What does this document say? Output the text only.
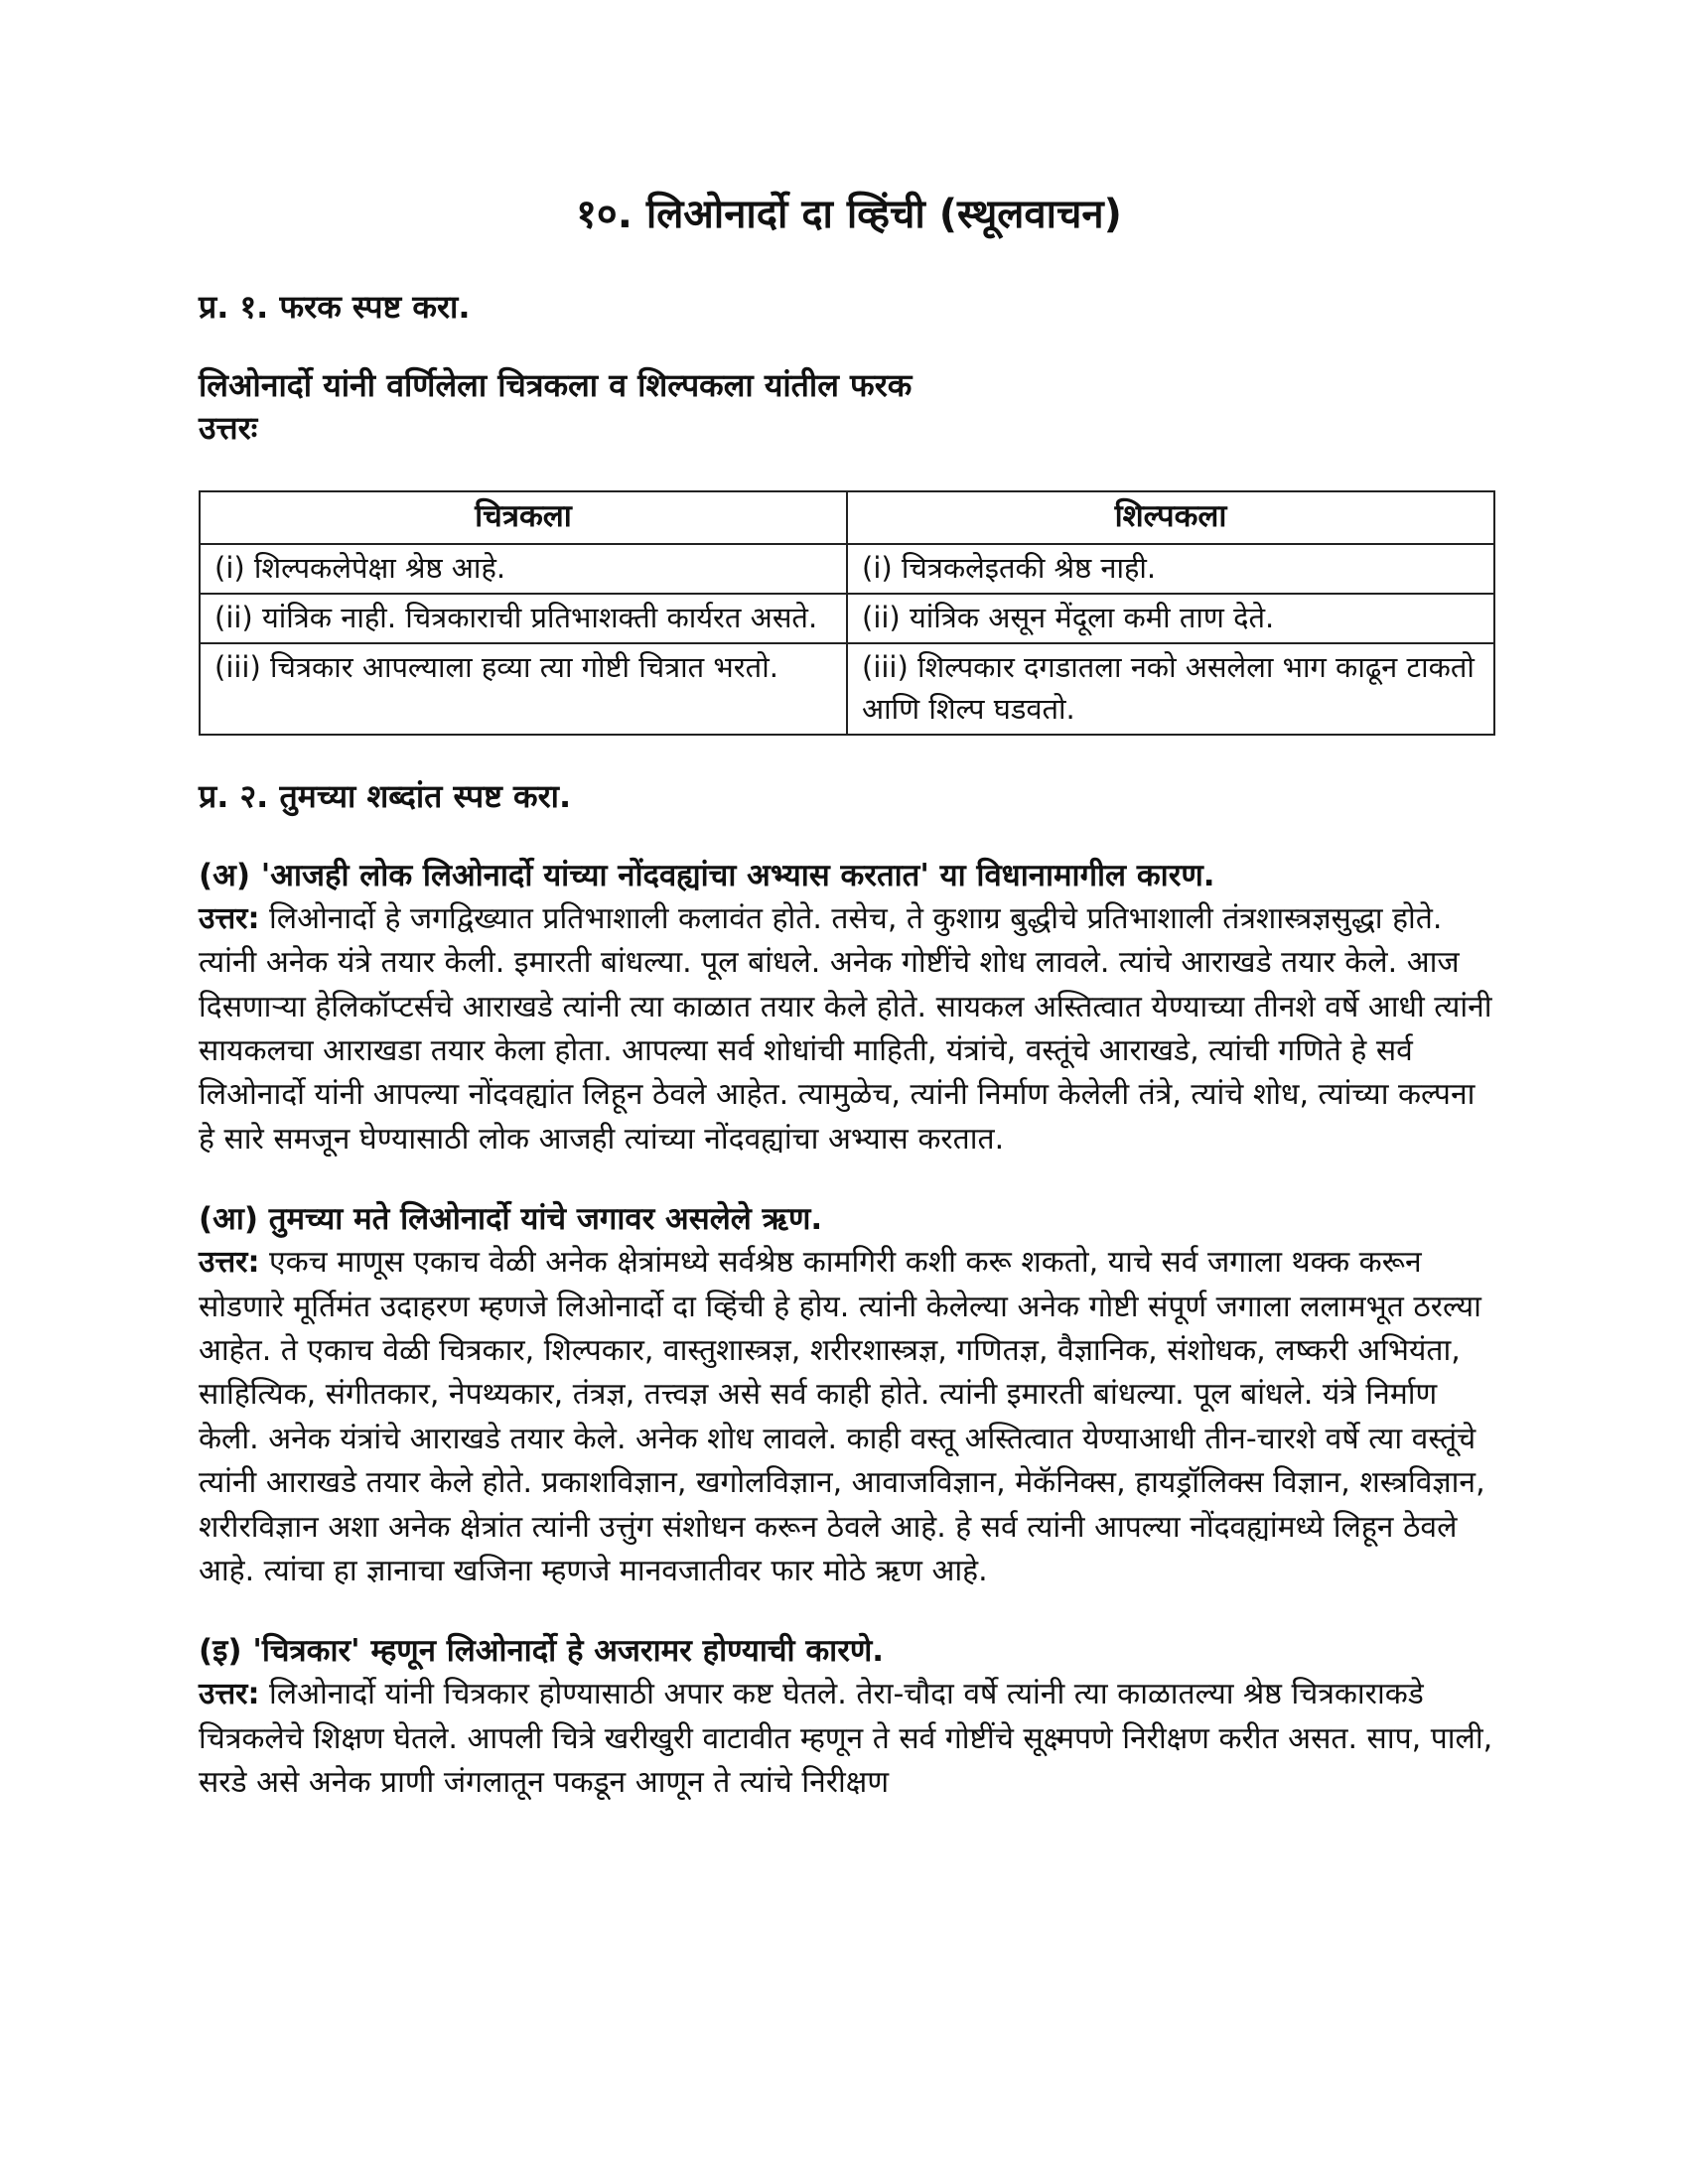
१०. लिओनार्दो दा व्हिंची (स्थूलवाचन)

प्र. १. फरक स्पष्ट करा.

लिओनार्दो यांनी वर्णिलेला चित्रकला व शिल्पकला यांतील फरक

उत्तरः

चित्रकला	शिल्पकला
(i) शिल्पकलेपेक्षा श्रेष्ठ आहे.	(i) चित्रकलेइतकी श्रेष्ठ नाही.
(ii) यांत्रिक नाही. चित्रकाराची प्रतिभाशक्ती कार्यरत असते.	(ii) यांत्रिक असून मेंदूला कमी ताण देते.
(iii) चित्रकार आपल्याला हव्या त्या गोष्टी चित्रात भरतो.	(iii) शिल्पकार दगडातला नको असलेला भाग काढून टाकतो आणि शिल्प घडवतो.

प्र. २. तुमच्या शब्दांत स्पष्ट करा.

(अ) 'आजही लोक लिओनार्दो यांच्या नोंदवह्यांचा अभ्यास करतात' या विधानामागील कारण.

उत्तर: लिओनार्दो हे जगद्विख्यात प्रतिभाशाली कलावंत होते. तसेच, ते कुशाग्र बुद्धीचे प्रतिभाशाली तंत्रशास्त्रज्ञसुद्धा होते. त्यांनी अनेक यंत्रे तयार केली. इमारती बांधल्या. पूल बांधले. अनेक गोष्टींचे शोध लावले. त्यांचे आराखडे तयार केले. आज दिसणाऱ्या हेलिकॉप्टर्सचे आराखडे त्यांनी त्या काळात तयार केले होते. सायकल अस्तित्वात येण्याच्या तीनशे वर्षे आधी त्यांनी सायकलचा आराखडा तयार केला होता. आपल्या सर्व शोधांची माहिती, यंत्रांचे, वस्तूंचे आराखडे, त्यांची गणिते हे सर्व लिओनार्दो यांनी आपल्या नोंदवह्यांत लिहून ठेवले आहेत. त्यामुळेच, त्यांनी निर्माण केलेली तंत्रे, त्यांचे शोध, त्यांच्या कल्पना हे सारे समजून घेण्यासाठी लोक आजही त्यांच्या नोंदवह्यांचा अभ्यास करतात.

(आ) तुमच्या मते लिओनार्दो यांचे जगावर असलेले ऋण.

उत्तर: एकच माणूस एकाच वेळी अनेक क्षेत्रांमध्ये सर्वश्रेष्ठ कामगिरी कशी करू शकतो, याचे सर्व जगाला थक्क करून सोडणारे मूर्तिमंत उदाहरण म्हणजे लिओनार्दो दा व्हिंची हे होय. त्यांनी केलेल्या अनेक गोष्टी संपूर्ण जगाला ललामभूत ठरल्या आहेत. ते एकाच वेळी चित्रकार, शिल्पकार, वास्तुशास्त्रज्ञ, शरीरशास्त्रज्ञ, गणितज्ञ, वैज्ञानिक, संशोधक, लष्करी अभियंता, साहित्यिक, संगीतकार, नेपथ्यकार, तंत्रज्ञ, तत्त्वज्ञ असे सर्व काही होते. त्यांनी इमारती बांधल्या. पूल बांधले. यंत्रे निर्माण केली. अनेक यंत्रांचे आराखडे तयार केले. अनेक शोध लावले. काही वस्तू अस्तित्वात येण्याआधी तीन-चारशे वर्षे त्या वस्तूंचे त्यांनी आराखडे तयार केले होते. प्रकाशविज्ञान, खगोलविज्ञान, आवाजविज्ञान, मेकॅनिक्स, हायड्रॉलिक्स विज्ञान, शस्त्रविज्ञान, शरीरविज्ञान अशा अनेक क्षेत्रांत त्यांनी उत्तुंग संशोधन करून ठेवले आहे. हे सर्व त्यांनी आपल्या नोंदवह्यांमध्ये लिहून ठेवले आहे. त्यांचा हा ज्ञानाचा खजिना म्हणजे मानवजातीवर फार मोठे ऋण आहे.

(इ) 'चित्रकार' म्हणून लिओनार्दो हे अजरामर होण्याची कारणे.

उत्तर: लिओनार्दो यांनी चित्रकार होण्यासाठी अपार कष्ट घेतले. तेरा-चौदा वर्षे त्यांनी त्या काळातल्या श्रेष्ठ चित्रकाराकडे चित्रकलेचे शिक्षण घेतले. आपली चित्रे खरीखुरी वाटावीत म्हणून ते सर्व गोष्टींचे सूक्ष्मपणे निरीक्षण करीत असत. साप, पाली, सरडे असे अनेक प्राणी जंगलातून पकडून आणून ते त्यांचे निरीक्षण
